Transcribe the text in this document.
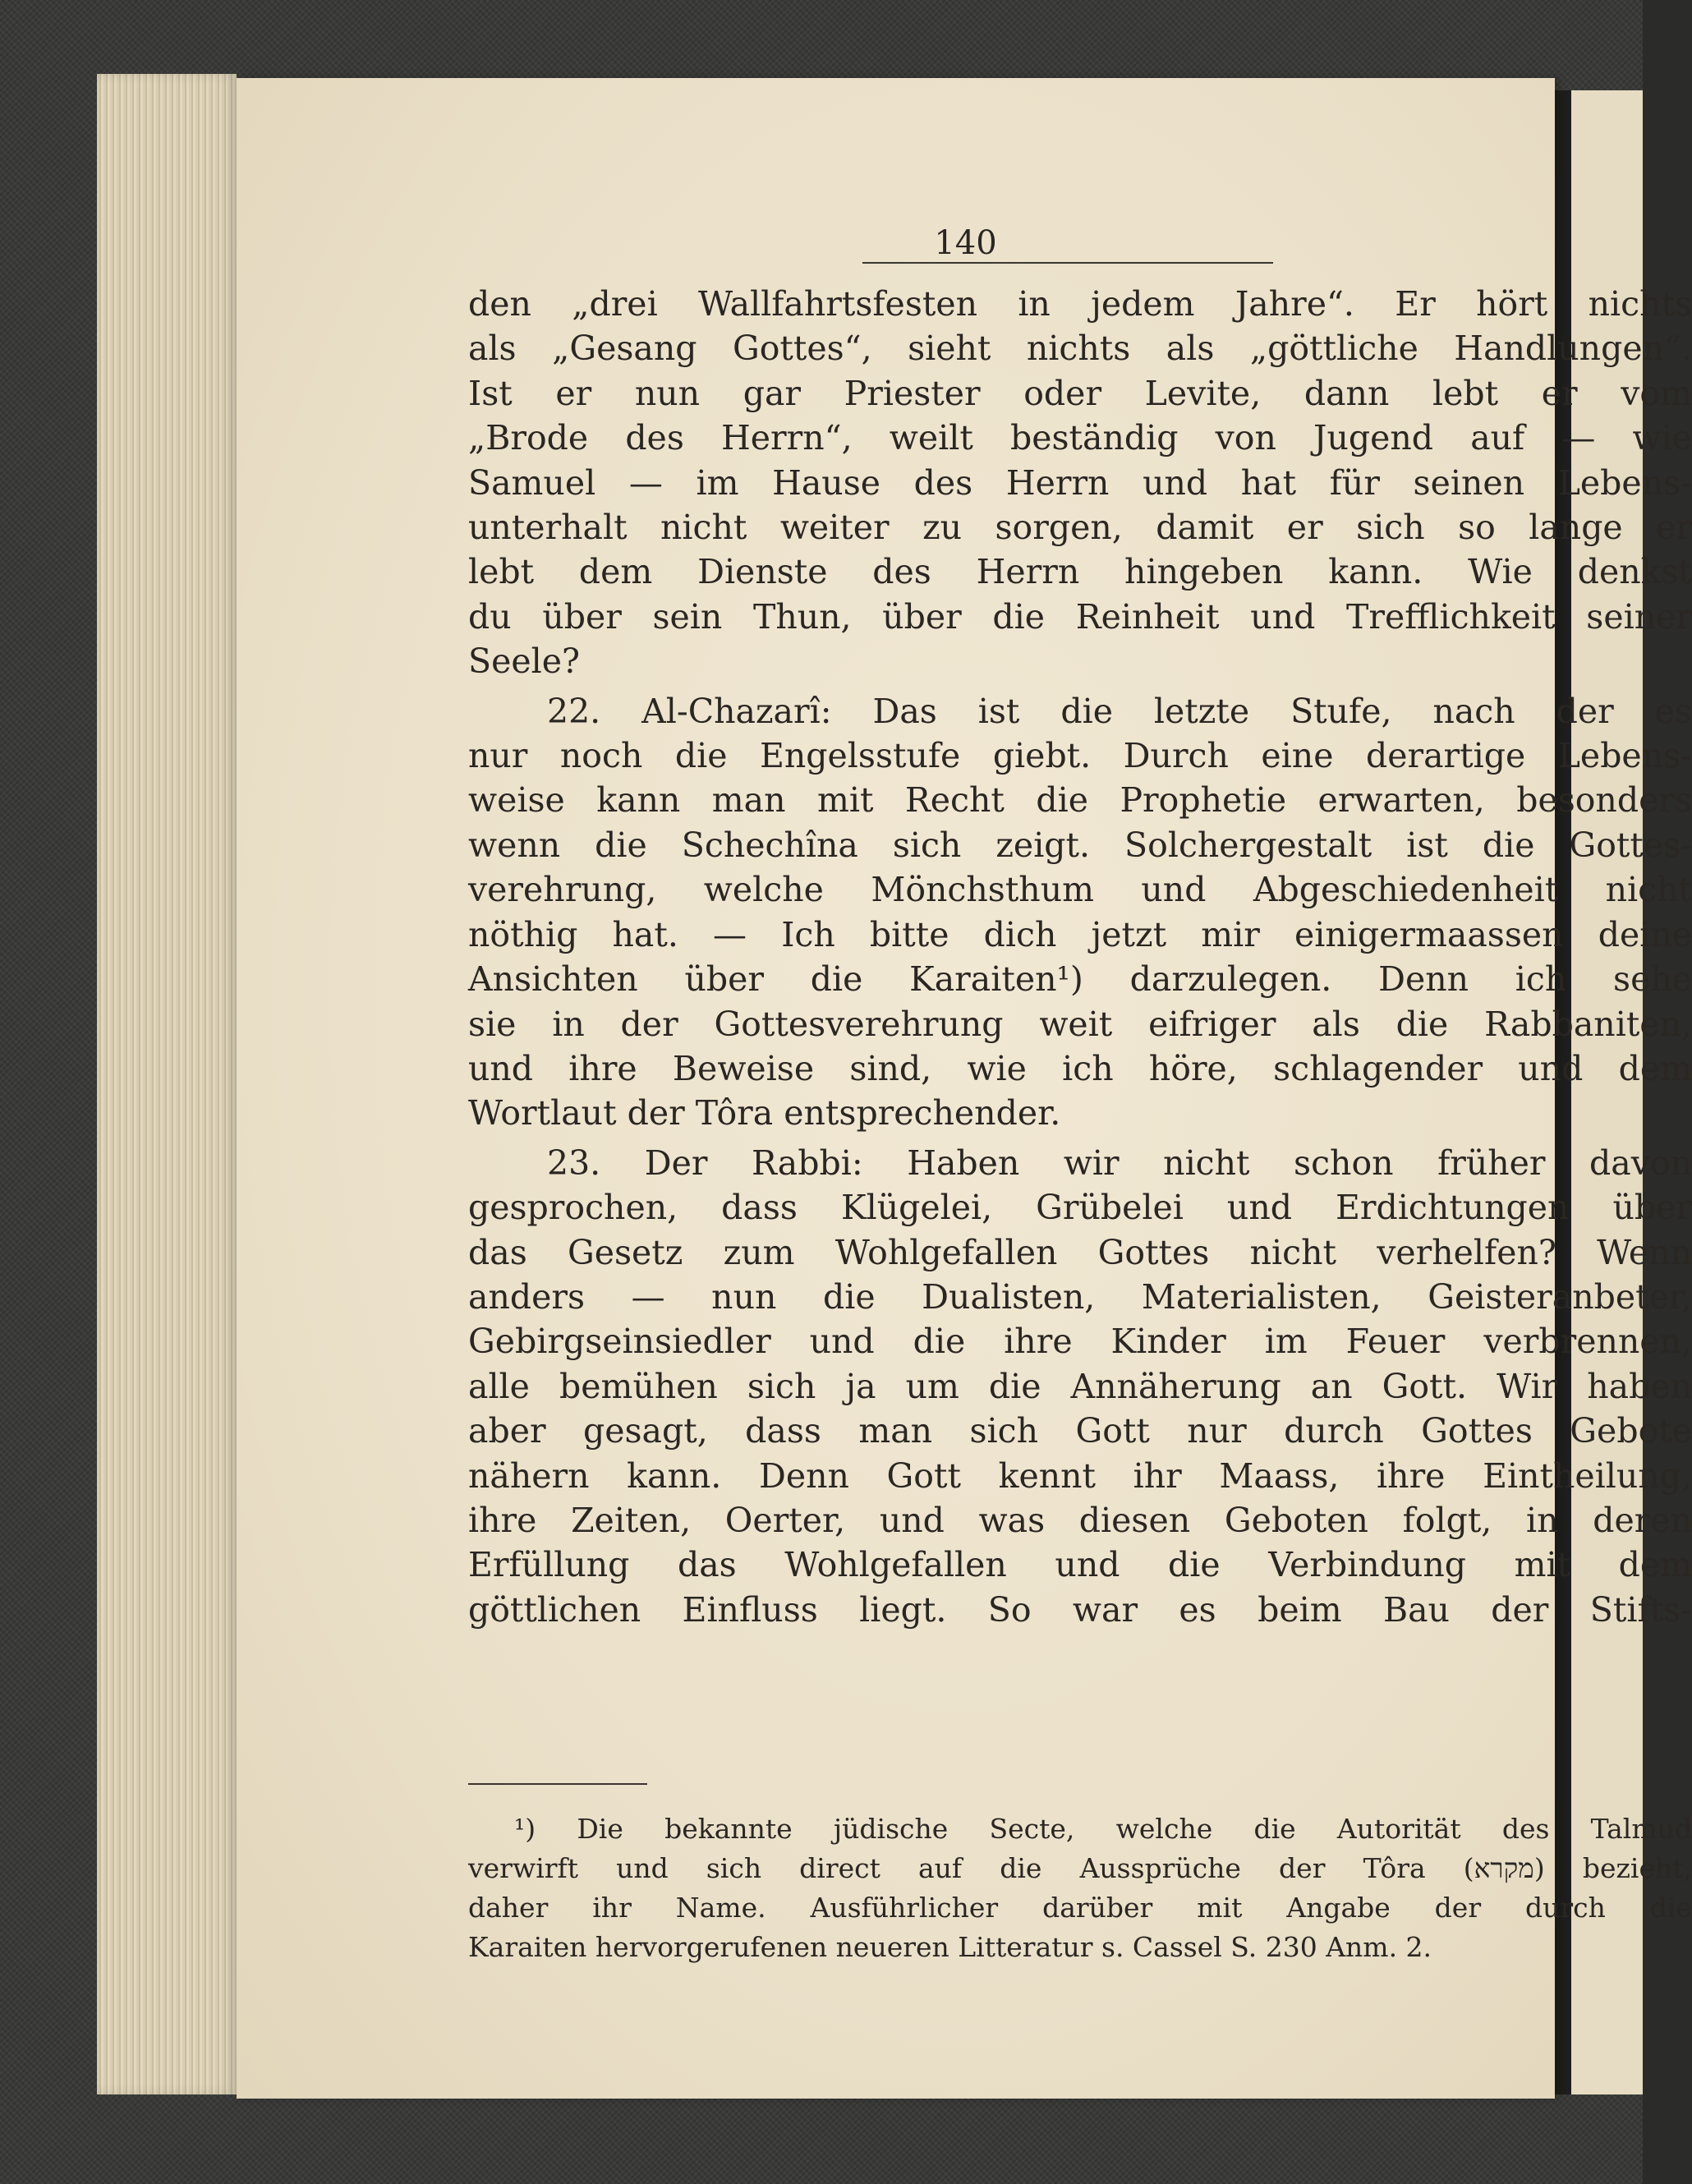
140
den „drei Wallfahrtsfesten in jedem Jahre“. Er hört nichts
als „Gesang Gottes“, sieht nichts als „göttliche Handlungen“.
Ist er nun gar Priester oder Levite, dann lebt er vom
„Brode des Herrn“, weilt beständig von Jugend auf — wie
Samuel — im Hause des Herrn und hat für seinen Lebens-
unterhalt nicht weiter zu sorgen, damit er sich so lange er
lebt dem Dienste des Herrn hingeben kann. Wie denkst
du über sein Thun, über die Reinheit und Trefflichkeit seiner
Seele?
22. Al-Chazarî: Das ist die letzte Stufe, nach der es
nur noch die Engelsstufe giebt. Durch eine derartige Lebens-
weise kann man mit Recht die Prophetie erwarten, besonders
wenn die Schechîna sich zeigt. Solchergestalt ist die Gottes-
verehrung, welche Mönchsthum und Abgeschiedenheit nicht
nöthig hat. — Ich bitte dich jetzt mir einigermaassen deine
Ansichten über die Karaiten¹) darzulegen. Denn ich sehe
sie in der Gottesverehrung weit eifriger als die Rabbaniten,
und ihre Beweise sind, wie ich höre, schlagender und dem
Wortlaut der Tôra entsprechender.
23. Der Rabbi: Haben wir nicht schon früher davon
gesprochen, dass Klügelei, Grübelei und Erdichtungen über
das Gesetz zum Wohlgefallen Gottes nicht verhelfen? Wenn
anders — nun die Dualisten, Materialisten, Geisteranbeter,
Gebirgseinsiedler und die ihre Kinder im Feuer verbrennen,
alle bemühen sich ja um die Annäherung an Gott. Wir haben
aber gesagt, dass man sich Gott nur durch Gottes Gebote
nähern kann. Denn Gott kennt ihr Maass, ihre Eintheilung,
ihre Zeiten, Oerter, und was diesen Geboten folgt, in deren
Erfüllung das Wohlgefallen und die Verbindung mit dem
göttlichen Einfluss liegt. So war es beim Bau der Stifts-
¹) Die bekannte jüdische Secte, welche die Autorität des Talmud
verwirft und sich direct auf die Aussprüche der Tôra (מקרא) bezieht,
daher ihr Name. Ausführlicher darüber mit Angabe der durch die
Karaiten hervorgerufenen neueren Litteratur s. Cassel S. 230 Anm. 2.
